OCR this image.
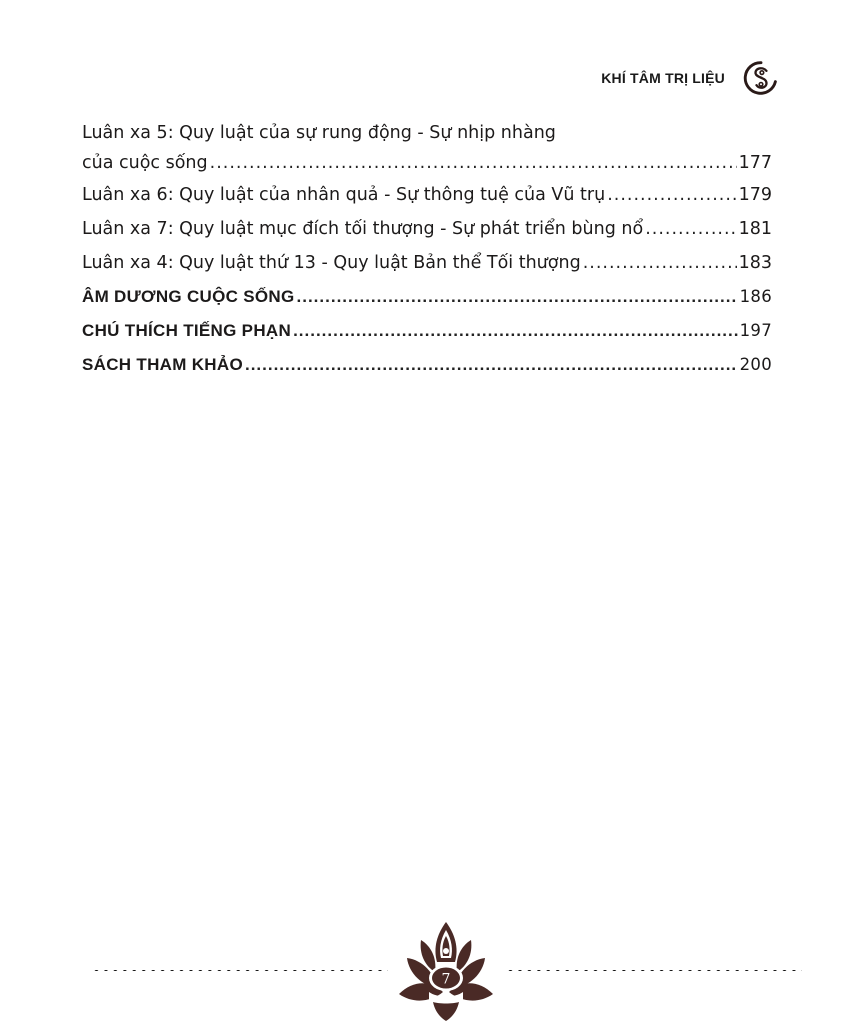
KHÍ TÂM TRỊ LIỆU
Luân xa 5: Quy luật của sự rung động - Sự nhịp nhàng
của cuộc sống .....	177
Luân xa 6: Quy luật của nhân quả - Sự thông tuệ của Vũ trụ .....	179
Luân xa 7: Quy luật mục đích tối thượng - Sự phát triển bùng nổ .....	181
Luân xa 4: Quy luật thứ 13 - Quy luật Bản thể Tối thượng .....	183
ÂM DƯƠNG CUỘC SỐNG .....	186
CHÚ THÍCH TIẾNG PHẠN .....	197
SÁCH THAM KHẢO .....	200
•••••
7
•••••
